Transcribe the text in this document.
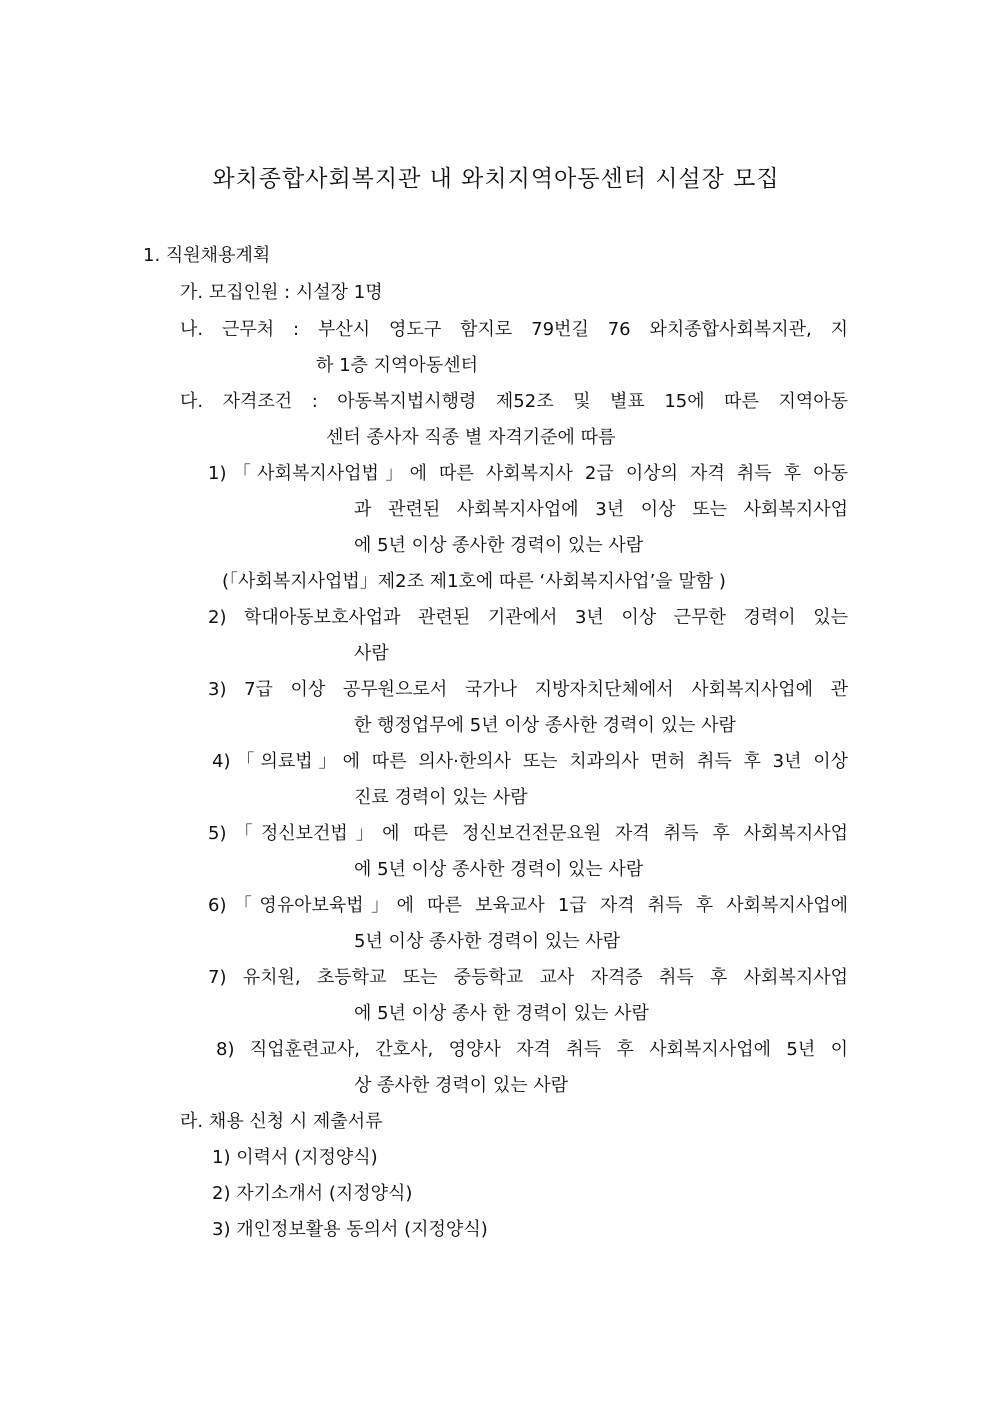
와치종합사회복지관 내 와치지역아동센터 시설장 모집
1. 직원채용계획
가. 모집인원 : 시설장 1명
나. 근무처 : 부산시 영도구 함지로 79번길 76 와치종합사회복지관, 지
하 1층 지역아동센터
다. 자격조건 : 아동복지법시행령 제52조 및 별표 15에 따른 지역아동
센터 종사자 직종 별 자격기준에 따름
1)「사회복지사업법」에 따른 사회복지사 2급 이상의 자격 취득 후 아동
과 관련된 사회복지사업에 3년 이상 또는 사회복지사업
에 5년 이상 종사한 경력이 있는 사람
(「사회복지사업법」제2조 제1호에 따른 ‘사회복지사업’을 말함 )
2) 학대아동보호사업과 관련된 기관에서 3년 이상 근무한 경력이 있는
사람
3) 7급 이상 공무원으로서 국가나 지방자치단체에서 사회복지사업에 관
한 행정업무에 5년 이상 종사한 경력이 있는 사람
4)「의료법」에 따른 의사·한의사 또는 치과의사 면허 취득 후 3년 이상
진료 경력이 있는 사람
5)「정신보건법」에 따른 정신보건전문요원 자격 취득 후 사회복지사업
에 5년 이상 종사한 경력이 있는 사람
6)「영유아보육법」에 따른 보육교사 1급 자격 취득 후 사회복지사업에
5년 이상 종사한 경력이 있는 사람
7) 유치원, 초등학교 또는 중등학교 교사 자격증 취득 후 사회복지사업
에 5년 이상 종사 한 경력이 있는 사람
8) 직업훈련교사, 간호사, 영양사 자격 취득 후 사회복지사업에 5년 이
상 종사한 경력이 있는 사람
라. 채용 신청 시 제출서류
1) 이력서 (지정양식)
2) 자기소개서 (지정양식)
3) 개인정보활용 동의서 (지정양식)
